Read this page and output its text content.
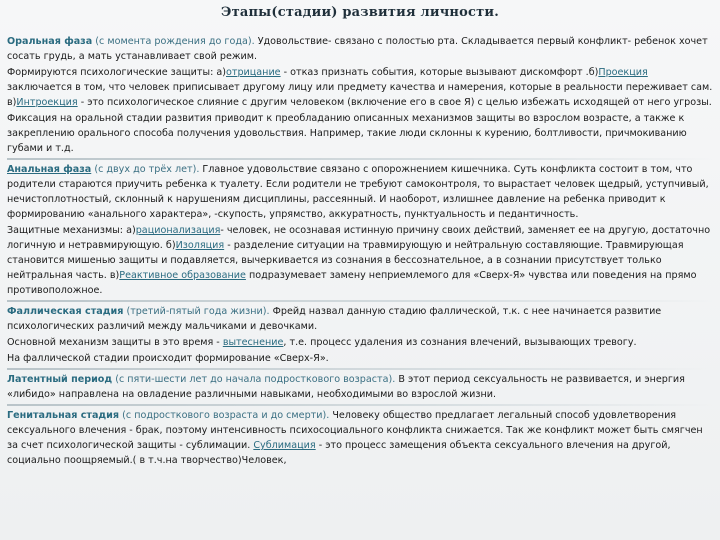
Этапы(стадии) развития личности.

Оральная фаза (с момента рождения до года). Удовольствие- связано с полостью рта. Складывается первый конфликт- ребенок хочет сосать грудь, а мать устанавливает свой режим.

Формируются психологические защиты: а)отрицание - отказ признать события, которые вызывают дискомфорт .б)Проекция заключается в том, что человек приписывает другому лицу или предмету качества и намерения, которые в реальности переживает сам. в)Интроекция - это психологическое слияние с другим человеком (включение его в свое Я) с целью избежать исходящей от него угрозы.

Фиксация на оральной стадии развития приводит к преобладанию описанных механизмов защиты во взрослом возрасте, а также к закреплению орального способа получения удовольствия. Например, такие люди склонны к курению, болтливости, причмокиванию губами и т.д.

Анальная фаза (с двух до трёх лет). Главное удовольствие связано с опорожнением кишечника. Суть конфликта состоит в том, что родители стараются приучить ребенка к туалету. Если родители не требуют самоконтроля, то вырастает человек щедрый, уступчивый, нечистоплотностый, склонный к нарушениям дисциплины, рассеянный. И наоборот, излишнее давление на ребенка приводит к формированию «анального характера», -скупость, упрямство, аккуратность, пунктуальность и педантичность.

Защитные механизмы: а)рационализация- человек, не осознавая истинную причину своих действий, заменяет ее на другую, достаточно логичную и нетравмирующую. б)Изоляция - разделение ситуации на травмирующую и нейтральную составляющие. Травмирующая становится мишенью защиты и подавляется, вычеркивается из сознания в бессознательное, а в сознании присутствует только нейтральная часть. в)Реактивное образование подразумевает замену неприемлемого для «Сверх-Я» чувства или поведения на прямо противоположное.

Фаллическая стадия (третий-пятый года жизни). Фрейд назвал данную стадию фаллической, т.к. с нее начинается развитие психологических различий между мальчиками и девочками.

Основной механизм защиты в это время - вытеснение, т.е. процесс удаления из сознания влечений, вызывающих тревогу.

На фаллической стадии происходит формирование «Сверх-Я».

Латентный период (с пяти-шести лет до начала подросткового возраста). В этот период сексуальность не развивается, и энергия «либидо» направлена на овладение различными навыками, необходимыми во взрослой жизни.

Генитальная стадия (с подросткового возраста и до смерти). Человеку общество предлагает легальный способ удовлетворения сексуального влечения - брак, поэтому интенсивность психосоциального конфликта снижается. Так же конфликт может быть смягчен за счет психологической защиты - сублимации. Сублимация - это процесс замещения объекта сексуального влечения на другой, социально поощряемый.( в т.ч.на творчество)Человек,
